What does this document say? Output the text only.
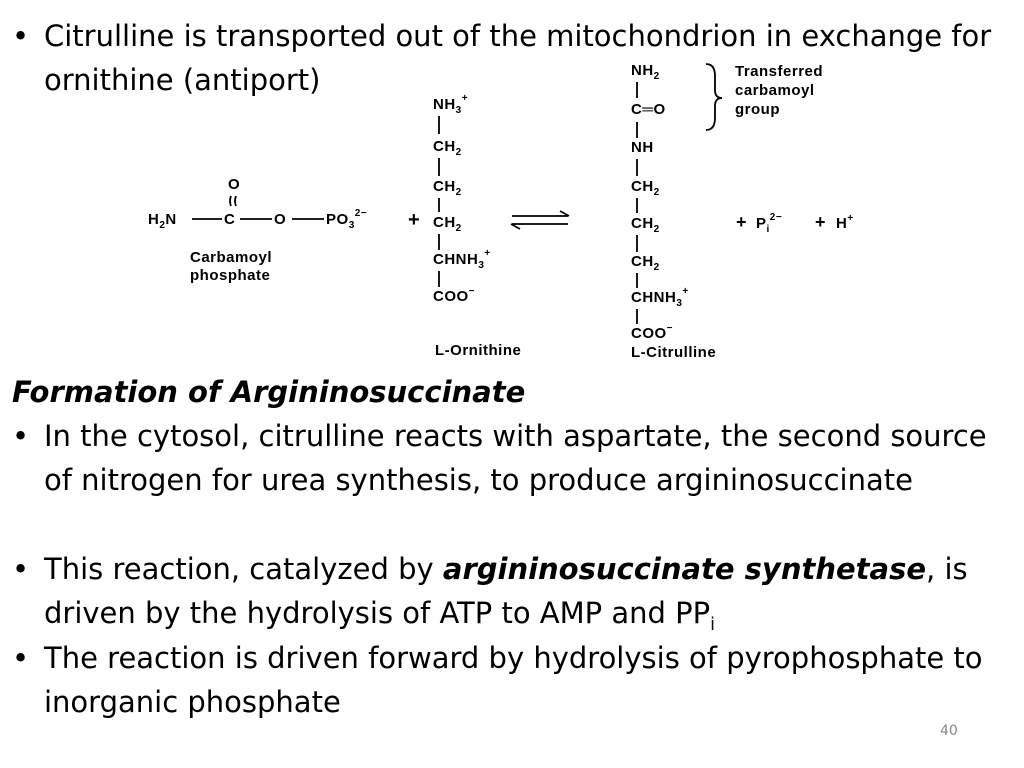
• Citrulline is transported out of the mitochondrion in exchange for ornithine (antiport)
O
$H_2N$	C	O	$PO_3^{2-}$
Carbamoyl
phosphate
+
$NH_3^+$
$CH_2$
$CH_2$
$CH_2$
$CHNH_3^+$
COO−
L-Ornithine
$NH_2$
C═O
NH
$CH_2$
$CH_2$
$CH_2$
$CHNH_3^+$
COO−
L-Citrulline
Transferred
carbamoyl
group
+ $P_i^{2-} + H^+$
Formation of Argininosuccinate
• In the cytosol, citrulline reacts with aspartate, the second source of nitrogen for urea synthesis, to produce argininosuccinate
• This reaction, catalyzed by argininosuccinate synthetase, is driven by the hydrolysis of ATP to AMP and $PP_i$
• The reaction is driven forward by hydrolysis of pyrophosphate to inorganic phosphate
40
